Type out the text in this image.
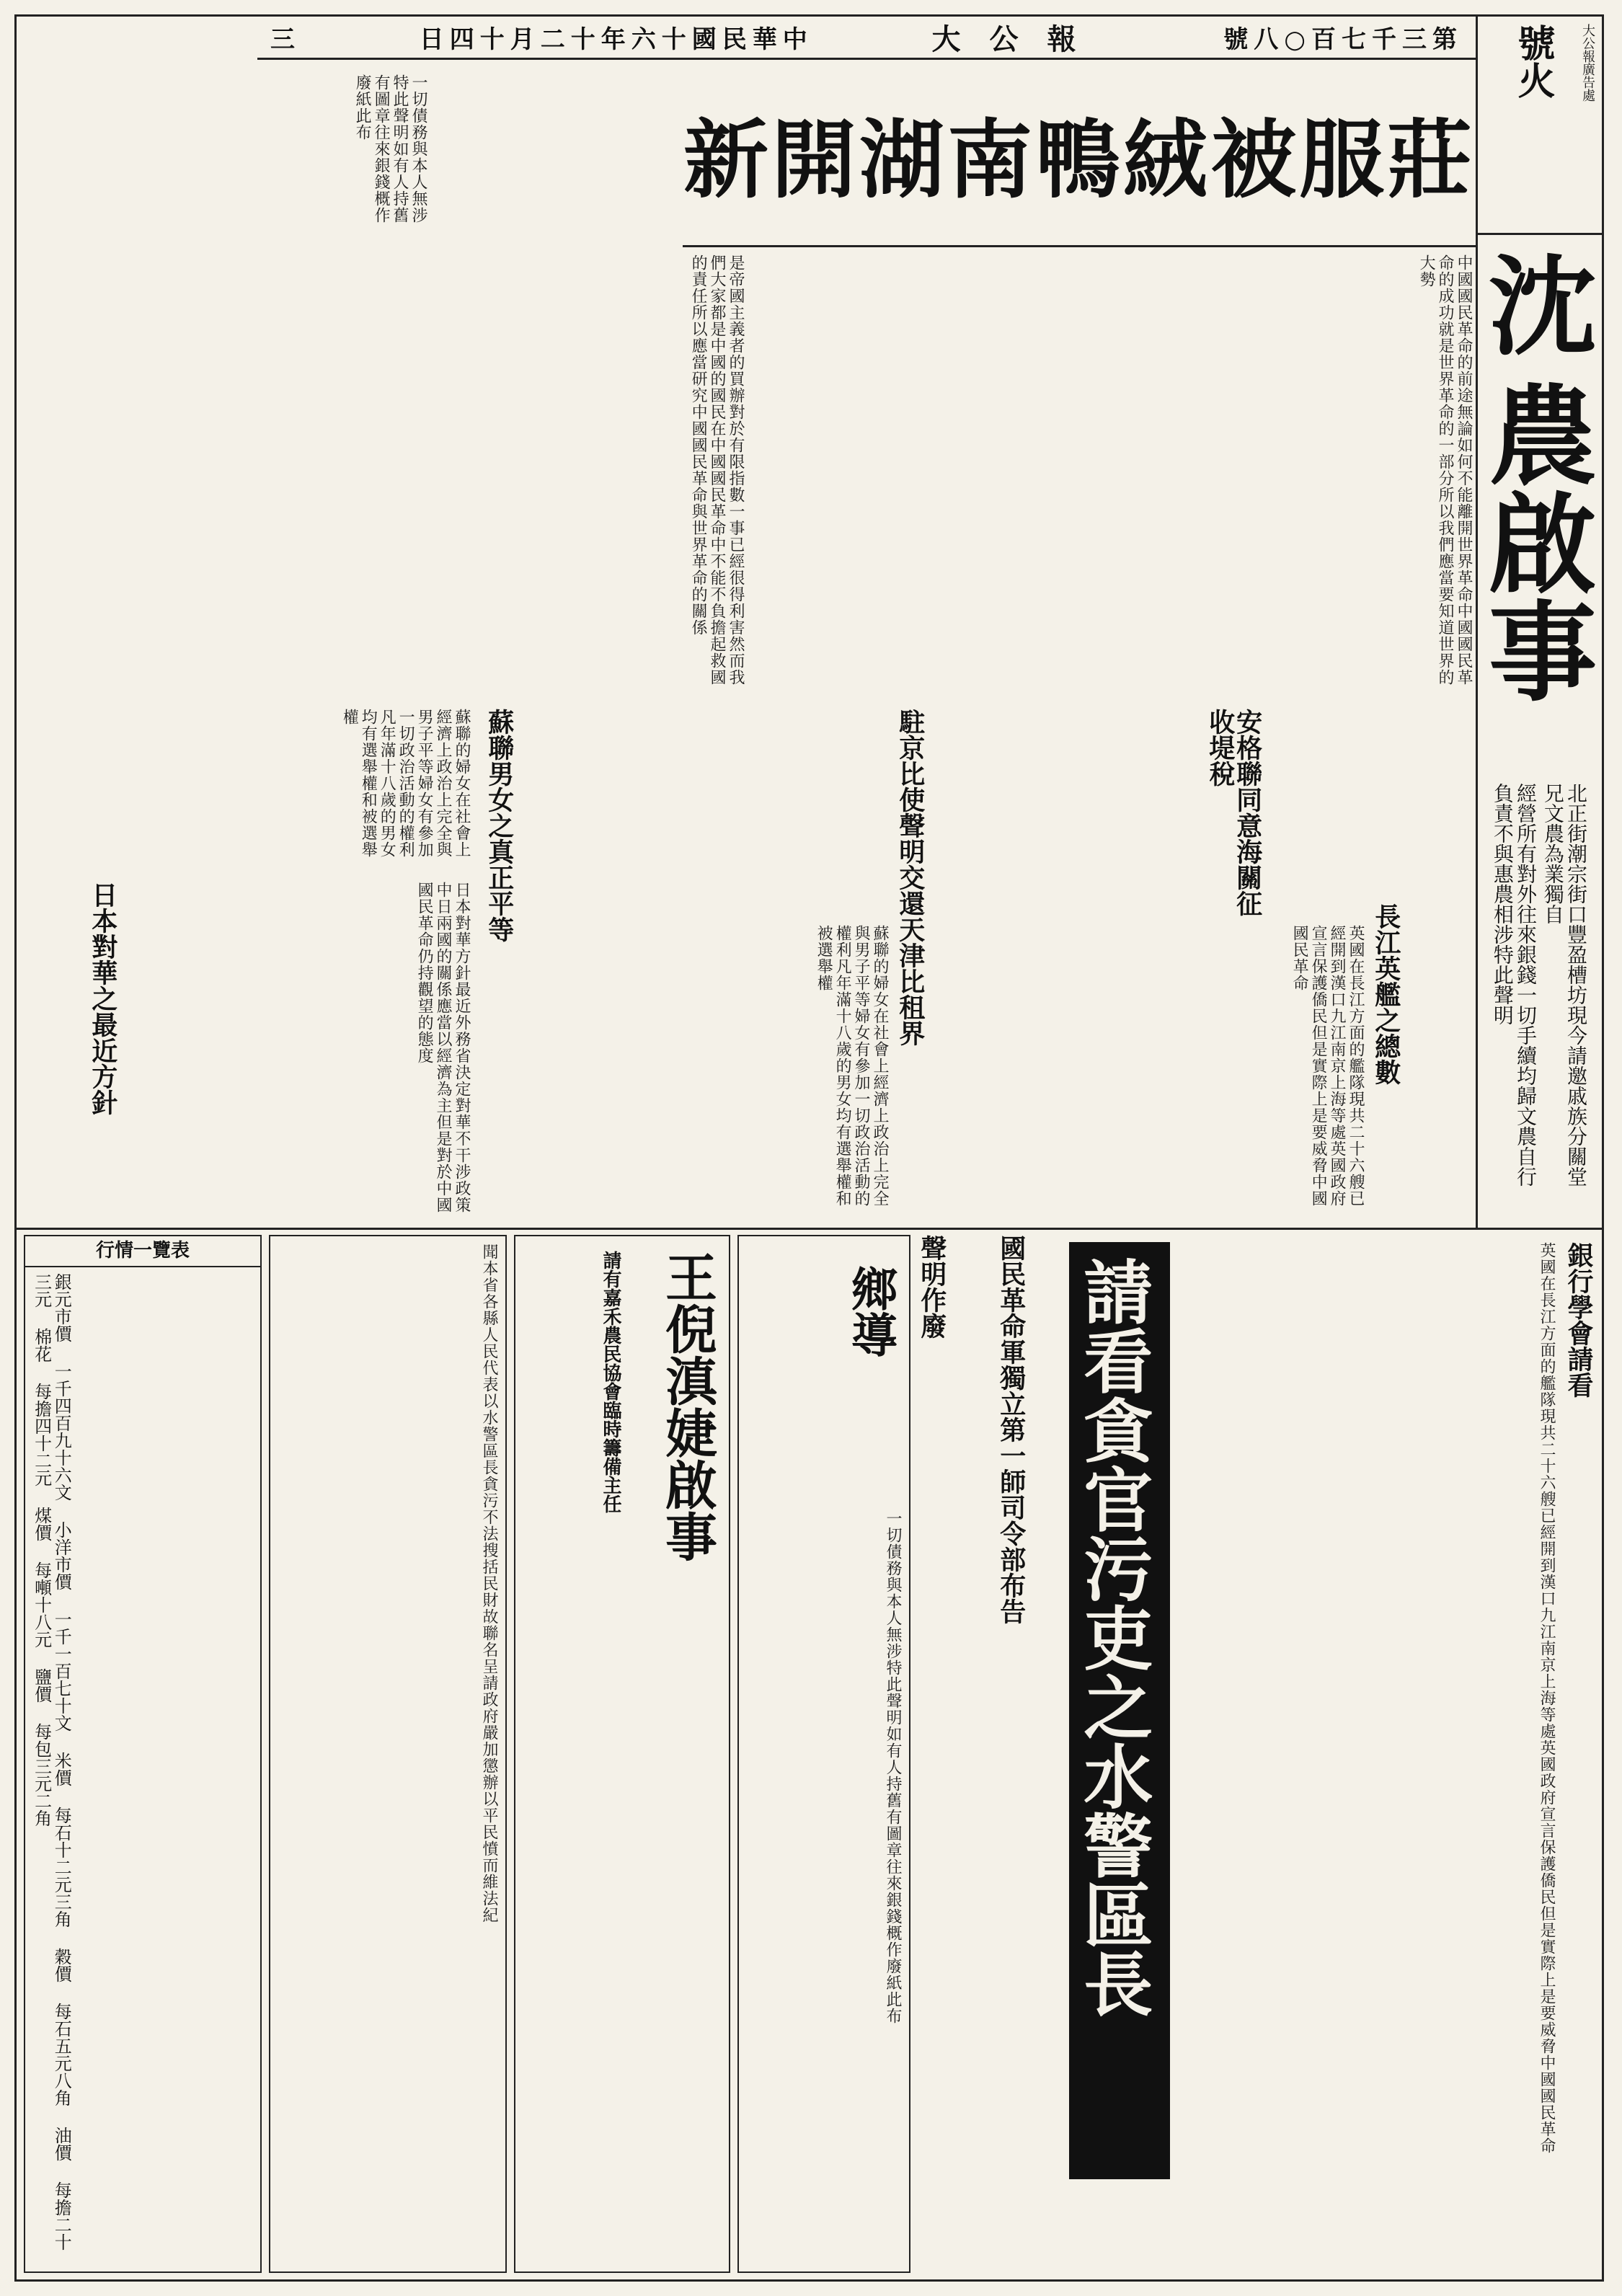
三	日四十月二十年六十國民華中	大公報	號八○百七千三第 號火 大公報廣告處
沈
農啟事
北正街潮宗街口豐盈槽坊現今請邀戚族分關堂兄文農為業獨自
經營所有對外往來銀錢一切手續均歸文農自行負責不與惠農相涉特此聲明
新開湖南鴨絨被服莊
一切債務與本人無涉特此聲明如有人持舊有圖章往來銀錢概作廢紙此布
是帝國主義者的買辦對於有限指數一事已經很得利害然而我們大家都是中國的國民在中國國民革命中不能不負擔起救國的責任所以應當研究中國國民革命與世界革命的關係	中國國民革命的前途無論如何不能離開世界革命中國國民革命的成功就是世界革命的一部分所以我們應當要知道世界的大勢
安格聯同意海關征收堤稅
駐京比使聲明交還天津比租界
蘇聯男女之真正平等
長江英艦之總數
日本對華之最近方針
蘇聯的婦女在社會上經濟上政治上完全與男子平等婦女有參加一切政治活動的權利凡年滿十八歲的男女均有選舉權和被選舉權
日本對華方針最近外務省決定對華不干涉政策中日兩國的關係應當以經濟為主但是對於中國國民革命仍持觀望的態度	蘇聯的婦女在社會上經濟上政治上完全與男子平等婦女有參加一切政治活動的權利凡年滿十八歲的男女均有選舉權和被選舉權	英國在長江方面的艦隊現共二十六艘已經開到漢口九江南京上海等處英國政府宣言保護僑民但是實際上是要威脅中國國民革命
行情一覽表
銀元市價 一千四百九十六文 小洋市價 一千一百七十文 米價 每石十二元三角 穀價 每石五元八角 油價 每擔二十三元 棉花 每擔四十二元 煤價 每噸十八元 鹽價 每包三元二角	聞本省各縣人民代表以水警區長貪污不法搜括民財故聯名呈請政府嚴加懲辦以平民憤而維法紀	王倪滇婕啟事
請有嘉禾農民協會臨時籌備主任	鄉導
一切債務與本人無涉特此聲明如有人持舊有圖章往來銀錢概作廢紙此布
聲明作廢 國民革命軍獨立第一師司令部布告 請看貪官污吏之水警區長	銀行學會請看
英國在長江方面的艦隊現共二十六艘已經開到漢口九江南京上海等處英國政府宣言保護僑民但是實際上是要威脅中國國民革命
